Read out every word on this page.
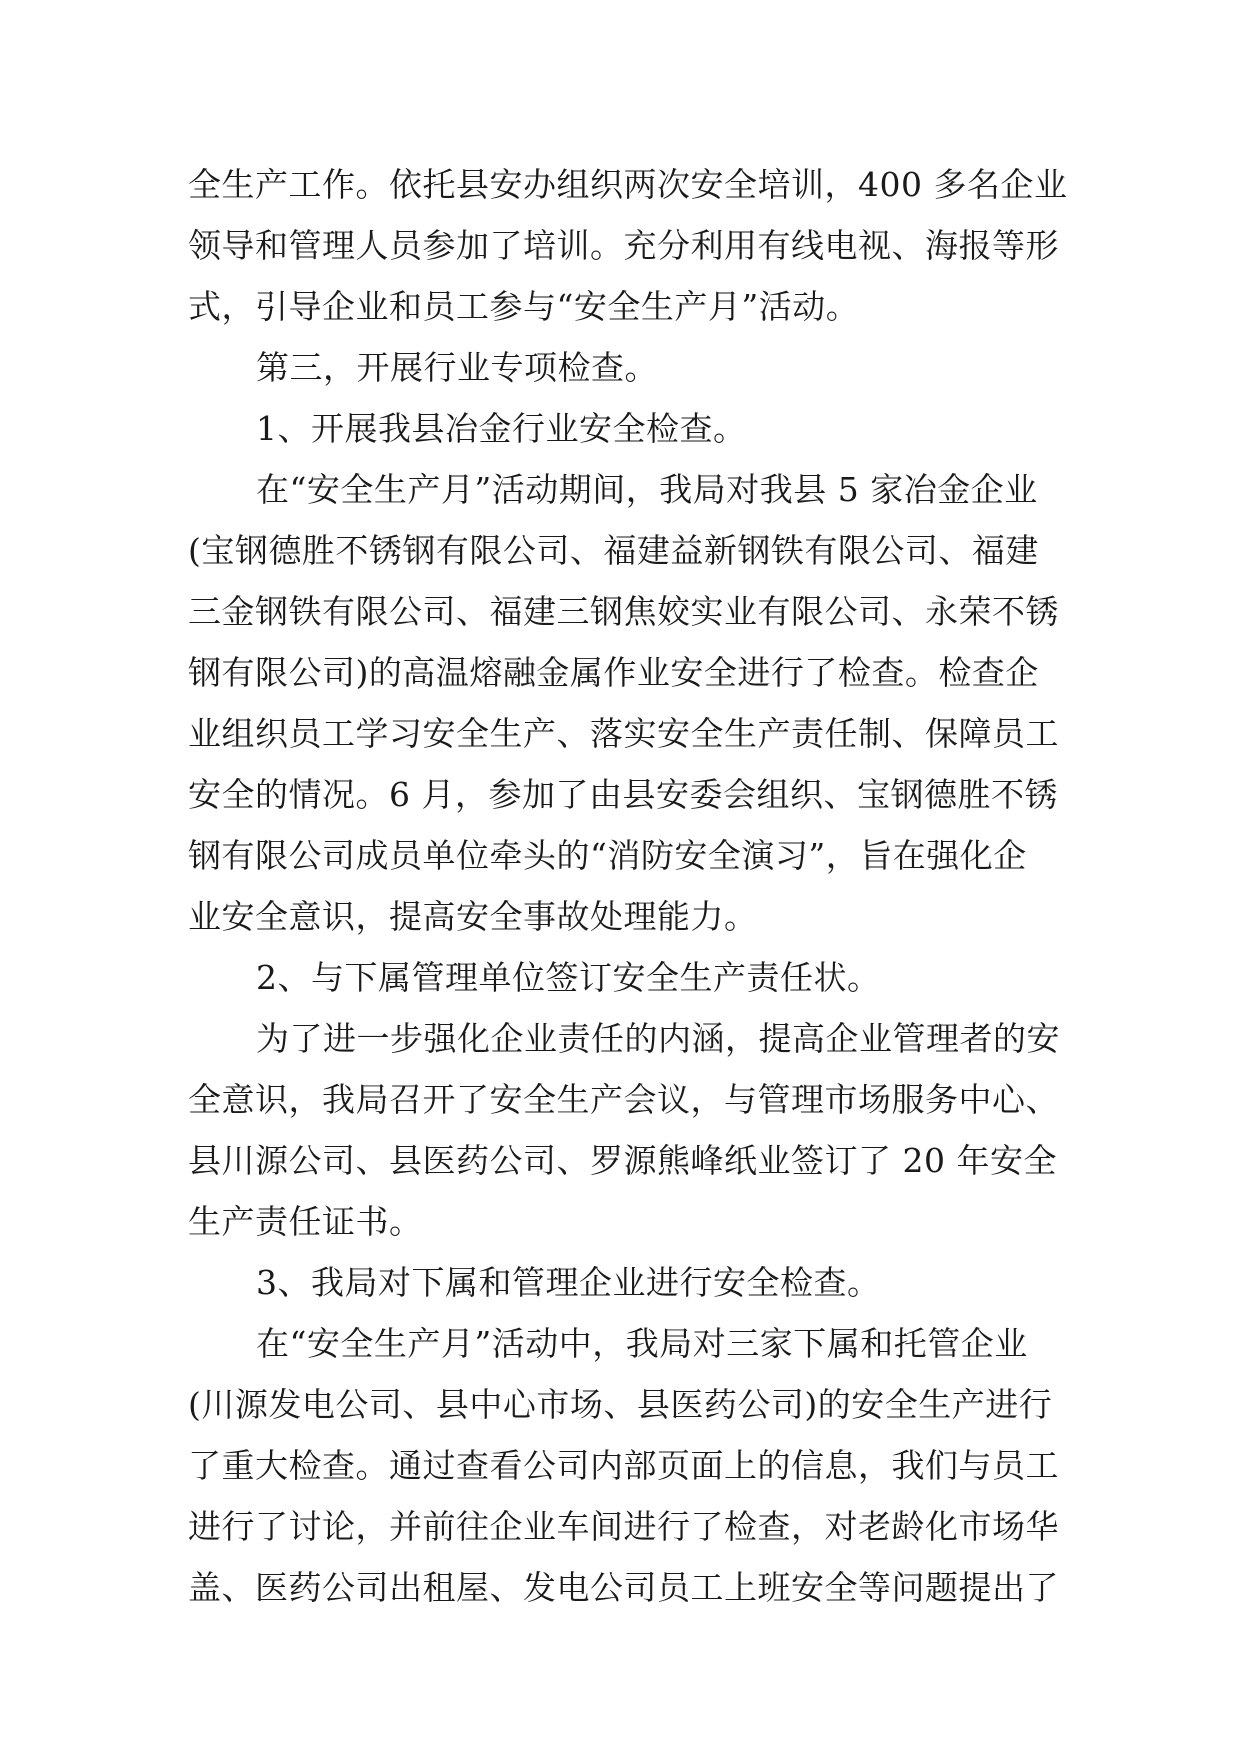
全生产工作。依托县安办组织两次安全培训，400 多名企业
领导和管理人员参加了培训。充分利用有线电视、海报等形
式，引导企业和员工参与“安全生产月”活动。
第三，开展行业专项检查。
1、开展我县冶金行业安全检查。
在“安全生产月”活动期间，我局对我县 5 家冶金企业
(宝钢德胜不锈钢有限公司、福建益新钢铁有限公司、福建
三金钢铁有限公司、福建三钢焦姣实业有限公司、永荣不锈
钢有限公司)的高温熔融金属作业安全进行了检查。检查企
业组织员工学习安全生产、落实安全生产责任制、保障员工
安全的情况。6 月，参加了由县安委会组织、宝钢德胜不锈
钢有限公司成员单位牵头的“消防安全演习”，旨在强化企
业安全意识，提高安全事故处理能力。
2、与下属管理单位签订安全生产责任状。
为了进一步强化企业责任的内涵，提高企业管理者的安
全意识，我局召开了安全生产会议，与管理市场服务中心、
县川源公司、县医药公司、罗源熊峰纸业签订了 20 年安全
生产责任证书。
3、我局对下属和管理企业进行安全检查。
在“安全生产月”活动中，我局对三家下属和托管企业
(川源发电公司、县中心市场、县医药公司)的安全生产进行
了重大检查。通过查看公司内部页面上的信息，我们与员工
进行了讨论，并前往企业车间进行了检查，对老龄化市场华
盖、医药公司出租屋、发电公司员工上班安全等问题提出了
